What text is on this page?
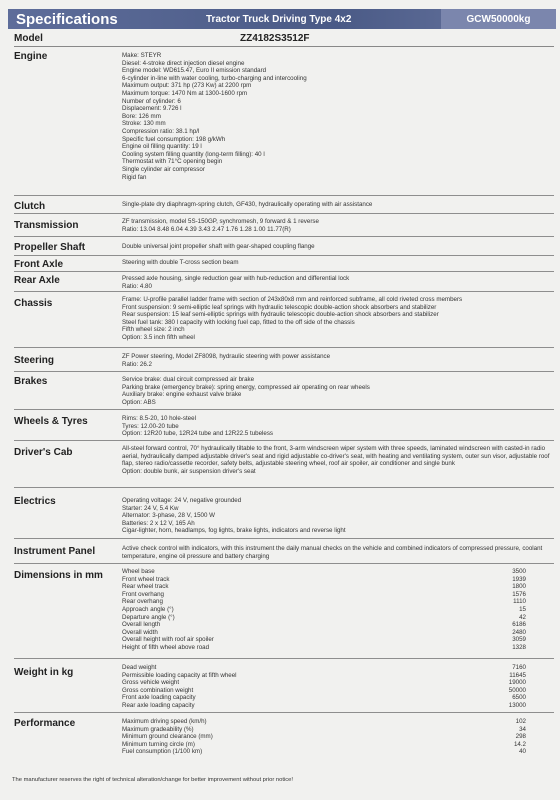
Specifications	Tractor Truck Driving Type 4x2	GCW50000kg
Model	ZZ4182S3512F
Engine	Make: STEYR
Diesel: 4-stroke direct injection diesel engine
Engine model: WD615.47, Euro II emission standard
6-cylinder in-line with water cooling, turbo-charging and intercooling
Maximum output: 371 hp (273 Kw) at 2200 rpm
Maximum torque: 1470 Nm at 1300-1600 rpm
Number of cylinder: 6
Displacement: 9.726 l
Bore: 126 mm
Stroke: 130 mm
Compression ratio: 38.1 hp/l
Specific fuel consumption: 198 g/kWh
Engine oil filling quantity: 19 l
Cooling system filling quantity (long-term filling): 40 l
Thermostat with 71°C opening begin
Single cylinder air compressor
Rigid fan
Clutch	Single-plate dry diaphragm-spring clutch, GF430, hydraulically operating with air assistance
Transmission	ZF transmission, model 5S-150GP, synchromesh, 9 forward & 1 reverse
Ratio: 13.04 8.48 6.04 4.39 3.43 2.47 1.76 1.28 1.00 11.77(R)
Propeller Shaft	Double universal joint propeller shaft with gear-shaped coupling flange
Front Axle	Steering with double T-cross section beam
Rear Axle	Pressed axle housing, single reduction gear with hub-reduction and differential lock
Ratio: 4.80
Chassis	Frame: U-profile parallel ladder frame with section of 243x80x8 mm and reinforced subframe, all cold riveted cross members
Front suspension: 9 semi-elliptic leaf springs with hydraulic telescopic double-action shock absorbers and stabilizer
Rear suspension: 15 leaf semi-elliptic springs with hydraulic telescopic double-action shock absorbers and stabilizer
Steel fuel tank: 380 l capacity with locking fuel cap, fitted to the off side of the chassis
Fifth wheel size: 2 inch
Option: 3.5 inch fifth wheel
Steering	ZF Power steering, Model ZF8098, hydraulic steering with power assistance
Ratio: 26.2
Brakes	Service brake: dual circuit compressed air brake
Parking brake (emergency brake): spring energy, compressed air operating on rear wheels
Auxiliary brake: engine exhaust valve brake
Option: ABS
Wheels & Tyres	Rims: 8.5-20, 10 hole-steel
Tyres: 12.00-20 tube
Option: 12R20 tube, 12R24 tube and 12R22.5 tubeless
Driver's Cab	All-steel forward control, 70° hydraulically tiltable to the front, 3-arm windscreen wiper system with three speeds, laminated windscreen with casted-in radio aerial, hydraulically damped adjustable driver's seat and rigid adjustable co-driver's seat, with heating and ventilating system, outer sun visor, adjustable roof flap, stereo radio/cassette recorder, safety belts, adjustable steering wheel, roof air spoiler, air conditioner and single bunk
Option: double bunk, air suspension driver's seat
Electrics	Operating voltage: 24 V, negative grounded
Starter: 24 V, 5.4 Kw
Alternator: 3-phase, 28 V, 1500 W
Batteries: 2 x 12 V, 165 Ah
Cigar-lighter, horn, headlamps, fog lights, brake lights, indicators and reverse light
Instrument Panel	Active check control with indicators, with this instrument the daily manual checks on the vehicle and combined indicators of compressed pressure, coolant temperature, engine oil pressure and battery charging
Dimensions in mm	Wheel base	3500
Front wheel track	1939
Rear wheel track	1800
Front overhang	1576
Rear overhang	1110
Approach angle (°)	15
Departure angle (°)	42
Overall length	6186
Overall width	2480
Overall height with roof air spoiler	3059
Height of fifth wheel above road	1328
Weight in kg	Dead weight	7160
Permissible loading capacity at fifth wheel	11645
Gross vehicle weight	19000
Gross combination weight	50000
Front axle loading capacity	6500
Rear axle loading capacity	13000
Performance	Maximum driving speed (km/h)	102
Maximum gradeability (%)	34
Minimum ground clearance (mm)	298
Minimum turning circle (m)	14.2
Fuel consumption (1/100 km)	40
The manufacturer reserves the right of technical alteration/change for better improvement without prior notice!
